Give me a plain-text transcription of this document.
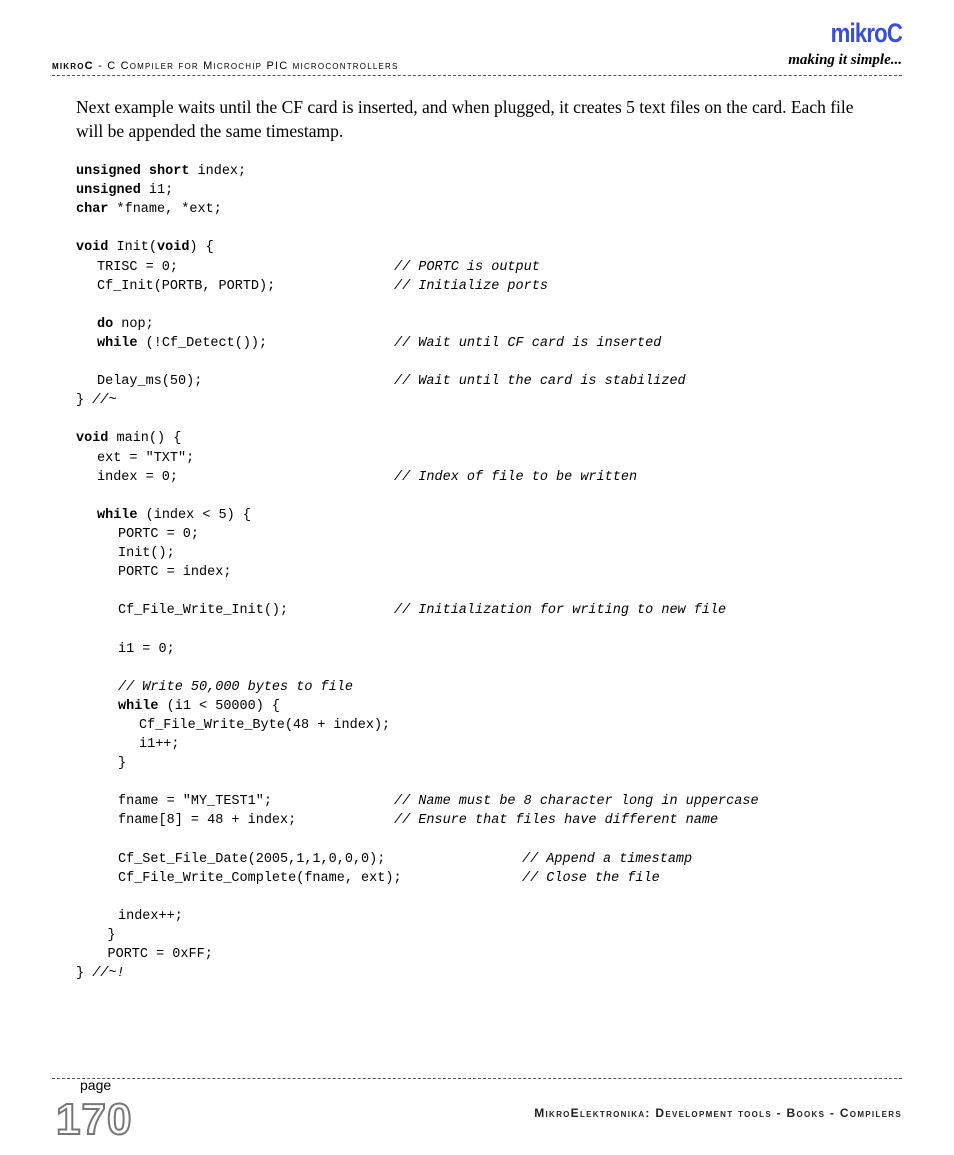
mikroC - C Compiler for Microchip PIC microcontrollers
mikroC
making it simple...

Next example waits until the CF card is inserted, and when plugged, it creates 5 text files on the card. Each file will be appended the same timestamp.

unsigned short index;
unsigned i1;
char *fname, *ext;
void Init(void) {
TRISC = 0;	// PORTC is output
Cf_Init(PORTB, PORTD);	// Initialize ports
do nop;
while (!Cf_Detect());	// Wait until CF card is inserted
Delay_ms(50);	// Wait until the card is stabilized
} //~
void main() {
ext = "TXT";
index = 0;	// Index of file to be written
while (index < 5) {
PORTC = 0;
Init();
PORTC = index;
Cf_File_Write_Init();	// Initialization for writing to new file
i1 = 0;
// Write 50,000 bytes to file
while (i1 < 50000) {
Cf_File_Write_Byte(48 + index);
i1++;
}
fname = "MY_TEST1";	// Name must be 8 character long in uppercase
fname[8] = 48 + index;	// Ensure that files have different name
Cf_Set_File_Date(2005,1,1,0,0,0);	// Append a timestamp
Cf_File_Write_Complete(fname, ext);	// Close the file
index++;
}
PORTC = 0xFF;
} //~!
page
170	MikroElektronika: Development tools - Books - Compilers
